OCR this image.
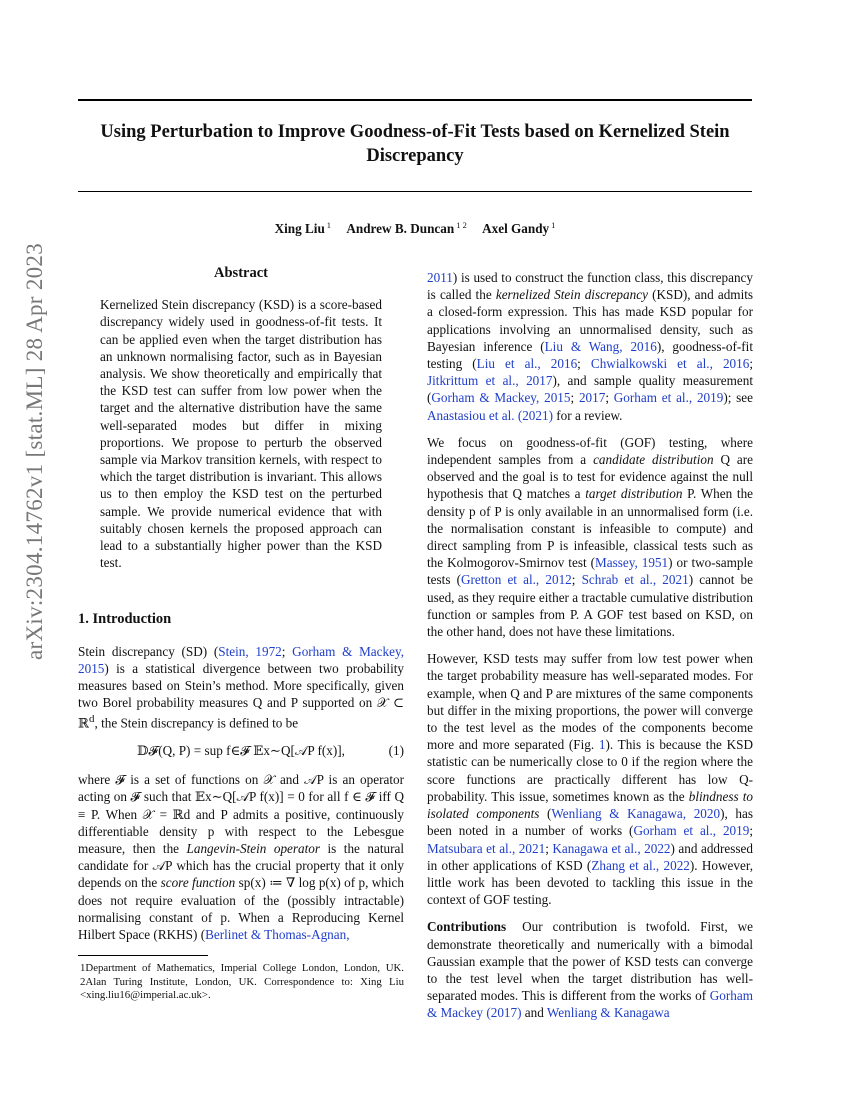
arXiv:2304.14762v1 [stat.ML] 28 Apr 2023
Using Perturbation to Improve Goodness-of-Fit Tests based on Kernelized Stein Discrepancy
Xing Liu $^1$ Andrew B. Duncan $^{1 2}$ Axel Gandy $^1$
Abstract
Kernelized Stein discrepancy (KSD) is a score-based discrepancy widely used in goodness-of-fit tests. It can be applied even when the target distribution has an unknown normalising factor, such as in Bayesian analysis. We show theoretically and empirically that the KSD test can suffer from low power when the target and the alternative distribution have the same well-separated modes but differ in mixing proportions. We propose to perturb the observed sample via Markov transition kernels, with respect to which the target distribution is invariant. This allows us to then employ the KSD test on the perturbed sample. We provide numerical evidence that with suitably chosen kernels the proposed approach can lead to a substantially higher power than the KSD test.
1. Introduction

Stein discrepancy (SD) (Stein, 1972; Gorham & Mackey, 2015) is a statistical divergence between two probability measures based on Stein’s method. More specifically, given two Borel probability measures Q and P supported on 𝒳 ⊂ ℝ$^d$, the Stein discrepancy is defined to be

𝔻𝓕(Q, P) = sup f∈𝓕 𝔼x∼Q[𝒜P f(x)],	(1)

where 𝓕 is a set of functions on 𝒳 and 𝒜P is an operator acting on 𝓕 such that 𝔼x∼Q[𝒜P f(x)] = 0 for all f ∈ 𝓕 iff Q ≡ P. When 𝒳 = ℝd and P admits a positive, continuously differentiable density p with respect to the Lebesgue measure, then the Langevin-Stein operator is the natural candidate for 𝒜P which has the crucial property that it only depends on the score function sp(x) ≔ ∇ log p(x) of p, which does not require evaluation of the (possibly intractable) normalising constant of p. When a Reproducing Kernel Hilbert Space (RKHS) (Berlinet & Thomas-Agnan,

1Department of Mathematics, Imperial College London, London, UK. 2Alan Turing Institute, London, UK. Correspondence to: Xing Liu <xing.liu16@imperial.ac.uk>.

2011) is used to construct the function class, this discrepancy is called the kernelized Stein discrepancy (KSD), and admits a closed-form expression. This has made KSD popular for applications involving an unnormalised density, such as Bayesian inference (Liu & Wang, 2016), goodness-of-fit testing (Liu et al., 2016; Chwialkowski et al., 2016; Jitkrittum et al., 2017), and sample quality measurement (Gorham & Mackey, 2015; 2017; Gorham et al., 2019); see Anastasiou et al. (2021) for a review.

We focus on goodness-of-fit (GOF) testing, where independent samples from a candidate distribution Q are observed and the goal is to test for evidence against the null hypothesis that Q matches a target distribution P. When the density p of P is only available in an unnormalised form (i.e. the normalisation constant is infeasible to compute) and direct sampling from P is infeasible, classical tests such as the Kolmogorov-Smirnov test (Massey, 1951) or two-sample tests (Gretton et al., 2012; Schrab et al., 2021) cannot be used, as they require either a tractable cumulative distribution function or samples from P. A GOF test based on KSD, on the other hand, does not have these limitations.

However, KSD tests may suffer from low test power when the target probability measure has well-separated modes. For example, when Q and P are mixtures of the same components but differ in the mixing proportions, the power will converge to the test level as the modes of the components become more and more separated (Fig. 1). This is because the KSD statistic can be numerically close to 0 if the region where the score functions are practically different has low Q-probability. This issue, sometimes known as the blindness to isolated components (Wenliang & Kanagawa, 2020), has been noted in a number of works (Gorham et al., 2019; Matsubara et al., 2021; Kanagawa et al., 2022) and addressed in other applications of KSD (Zhang et al., 2022). However, little work has been devoted to tackling this issue in the context of GOF testing.

Contributions Our contribution is twofold. First, we demonstrate theoretically and numerically with a bimodal Gaussian example that the power of KSD tests can converge to the test level when the target distribution has well-separated modes. This is different from the works of Gorham & Mackey (2017) and Wenliang & Kanagawa
